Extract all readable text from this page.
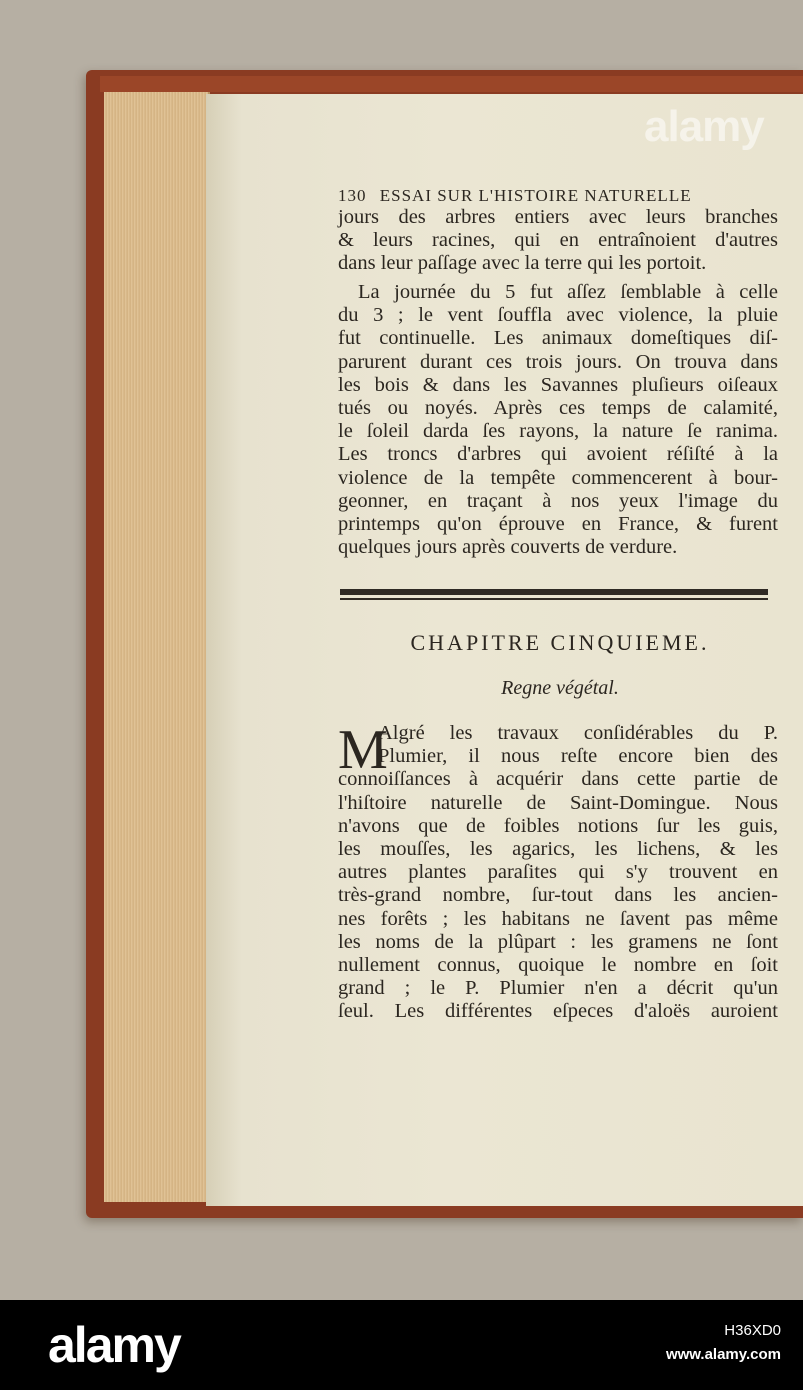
130 ESSAI SUR L'HISTOIRE NATURELLE
jours des arbres entiers avec leurs branches
& leurs racines, qui en entraînoient d'autres
dans leur paſſage avec la terre qui les portoit.
La journée du 5 fut aſſez ſemblable à celle
du 3 ; le vent ſouffla avec violence, la pluie
fut continuelle. Les animaux domeſtiques diſ-
parurent durant ces trois jours. On trouva dans
les bois & dans les Savannes pluſieurs oiſeaux
tués ou noyés. Après ces temps de calamité,
le ſoleil darda ſes rayons, la nature ſe ranima.
Les troncs d'arbres qui avoient réſiſté à la
violence de la tempête commencerent à bour-
geonner, en traçant à nos yeux l'image du
printemps qu'on éprouve en France, & furent
quelques jours après couverts de verdure.
CHAPITRE CINQUIEME.
Regne végétal.
M
Algré les travaux conſidérables du P.
Plumier, il nous reſte encore bien des
connoiſſances à acquérir dans cette partie de
l'hiſtoire naturelle de Saint-Domingue. Nous
n'avons que de foibles notions ſur les guis,
les mouſſes, les agarics, les lichens, & les
autres plantes paraſites qui s'y trouvent en
très-grand nombre, ſur-tout dans les ancien-
nes forêts ; les habitans ne ſavent pas même
les noms de la plûpart : les gramens ne ſont
nullement connus, quoique le nombre en ſoit
grand ; le P. Plumier n'en a décrit qu'un
ſeul. Les différentes eſpeces d'aloës auroient
alamy
alamy	H36XD0
www.alamy.com
